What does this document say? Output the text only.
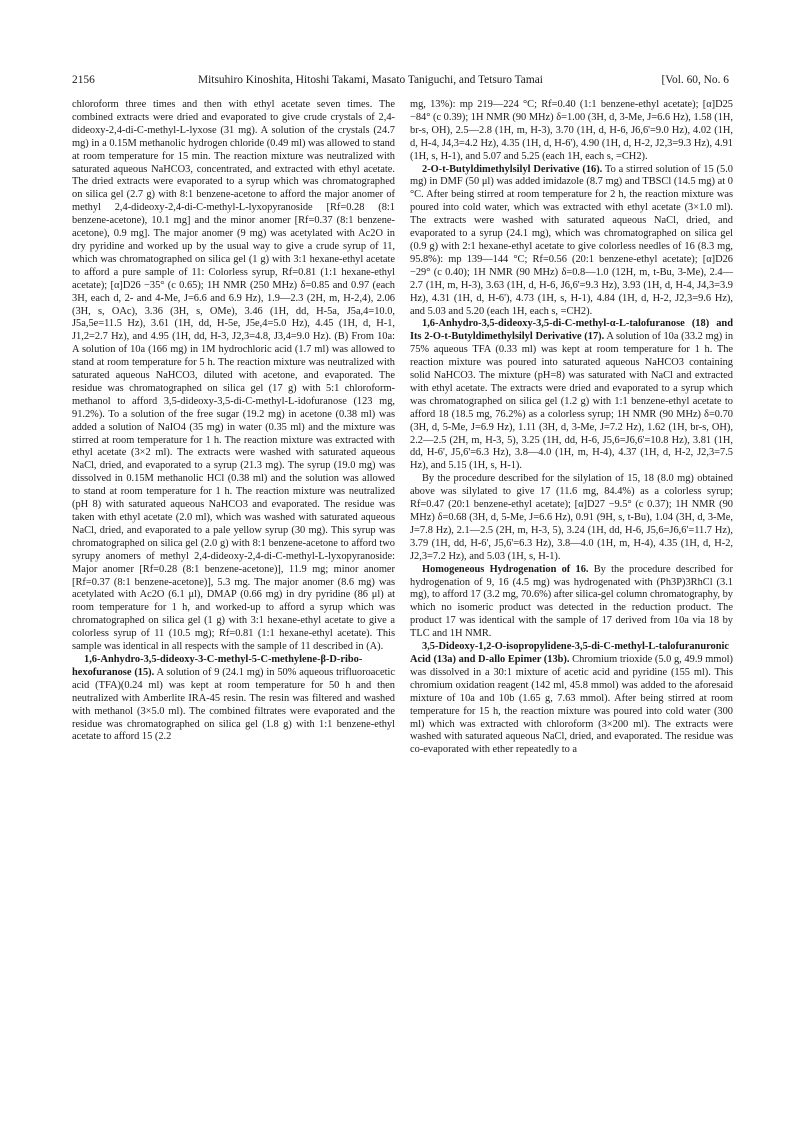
2156	Mitsuhiro Kinoshita, Hitoshi Takami, Masato Taniguchi, and Tetsuro Tamai	[Vol. 60, No. 6

chloroform three times and then with ethyl acetate seven times. The combined extracts were dried and evaporated to give crude crystals of 2,4-dideoxy-2,4-di-C-methyl-L-lyxose (31 mg). A solution of the crystals (24.7 mg) in a 0.15M methanolic hydrogen chloride (0.49 ml) was allowed to stand at room temperature for 15 min. The reaction mixture was neutralized with saturated aqueous NaHCO3, concentrated, and extracted with ethyl acetate. The dried extracts were evaporated to a syrup which was chromatographed on silica gel (2.7 g) with 8:1 benzene-acetone to afford the major anomer of methyl 2,4-dideoxy-2,4-di-C-methyl-L-lyxopyranoside [Rf=0.28 (8:1 benzene-acetone), 10.1 mg] and the minor anomer [Rf=0.37 (8:1 benzene-acetone), 0.9 mg]. The major anomer (9 mg) was acetylated with Ac2O in dry pyridine and worked up by the usual way to give a crude syrup of 11, which was chromatographed on silica gel (1 g) with 3:1 hexane-ethyl acetate to afford a pure sample of 11: Colorless syrup, Rf=0.81 (1:1 hexane-ethyl acetate); [α]D26 −35° (c 0.65); 1H NMR (250 MHz) δ=0.85 and 0.97 (each 3H, each d, 2- and 4-Me, J=6.6 and 6.9 Hz), 1.9—2.3 (2H, m, H-2,4), 2.06 (3H, s, OAc), 3.36 (3H, s, OMe), 3.46 (1H, dd, H-5a, J5a,4=10.0, J5a,5e=11.5 Hz), 3.61 (1H, dd, H-5e, J5e,4=5.0 Hz), 4.45 (1H, d, H-1, J1,2=2.7 Hz), and 4.95 (1H, dd, H-3, J2,3=4.8, J3,4=9.0 Hz). (B) From 10a: A solution of 10a (166 mg) in 1M hydrochloric acid (1.7 ml) was allowed to stand at room temperature for 5 h. The reaction mixture was neutralized with saturated aqueous NaHCO3, diluted with acetone, and evaporated. The residue was chromatographed on silica gel (17 g) with 5:1 chloroform-methanol to afford 3,5-dideoxy-3,5-di-C-methyl-L-idofuranose (123 mg, 91.2%). To a solution of the free sugar (19.2 mg) in acetone (0.38 ml) was added a solution of NaIO4 (35 mg) in water (0.35 ml) and the mixture was stirred at room temperature for 1 h. The reaction mixture was extracted with ethyl acetate (3×2 ml). The extracts were washed with saturated aqueous NaCl, dried, and evaporated to a syrup (21.3 mg). The syrup (19.0 mg) was dissolved in 0.15M methanolic HCl (0.38 ml) and the solution was allowed to stand at room temperature for 1 h. The reaction mixture was neutralized (pH 8) with saturated aqueous NaHCO3 and evaporated. The residue was taken with ethyl acetate (2.0 ml), which was washed with saturated aqueous NaCl, dried, and evaporated to a pale yellow syrup (30 mg). This syrup was chromatographed on silica gel (2.0 g) with 8:1 benzene-acetone to afford two syrupy anomers of methyl 2,4-dideoxy-2,4-di-C-methyl-L-lyxopyranoside: Major anomer [Rf=0.28 (8:1 benzene-acetone)], 11.9 mg; minor anomer [Rf=0.37 (8:1 benzene-acetone)], 5.3 mg. The major anomer (8.6 mg) was acetylated with Ac2O (6.1 μl), DMAP (0.66 mg) in dry pyridine (86 μl) at room temperature for 1 h, and worked-up to afford a syrup which was chromatographed on silica gel (1 g) with 3:1 hexane-ethyl acetate to give a colorless syrup of 11 (10.5 mg); Rf=0.81 (1:1 hexane-ethyl acetate). This sample was identical in all respects with the sample of 11 described in (A).

1,6-Anhydro-3,5-dideoxy-3-C-methyl-5-C-methylene-β-D-ribo-hexofuranose (15). A solution of 9 (24.1 mg) in 50% aqueous trifluoroacetic acid (TFA)(0.24 ml) was kept at room temperature for 50 h and then neutralized with Amberlite IRA-45 resin. The resin was filtered and washed with methanol (3×5.0 ml). The combined filtrates were evaporated and the residue was chromatographed on silica gel (1.8 g) with 1:1 benzene-ethyl acetate to afford 15 (2.2

mg, 13%): mp 219—224 °C; Rf=0.40 (1:1 benzene-ethyl acetate); [α]D25 −84° (c 0.39); 1H NMR (90 MHz) δ=1.00 (3H, d, 3-Me, J=6.6 Hz), 1.58 (1H, br-s, OH), 2.5—2.8 (1H, m, H-3), 3.70 (1H, d, H-6, J6,6'=9.0 Hz), 4.02 (1H, d, H-4, J4,3=4.2 Hz), 4.35 (1H, d, H-6'), 4.90 (1H, d, H-2, J2,3=9.3 Hz), 4.91 (1H, s, H-1), and 5.07 and 5.25 (each 1H, each s, =CH2).

2-O-t-Butyldimethylsilyl Derivative (16). To a stirred solution of 15 (5.0 mg) in DMF (50 μl) was added imidazole (8.7 mg) and TBSCl (14.5 mg) at 0 °C. After being stirred at room temperature for 2 h, the reaction mixture was poured into cold water, which was extracted with ethyl acetate (3×1.0 ml). The extracts were washed with saturated aqueous NaCl, dried, and evaporated to a syrup (24.1 mg), which was chromatographed on silica gel (0.9 g) with 2:1 hexane-ethyl acetate to give colorless needles of 16 (8.3 mg, 95.8%): mp 139—144 °C; Rf=0.56 (20:1 benzene-ethyl acetate); [α]D26 −29° (c 0.40); 1H NMR (90 MHz) δ=0.8—1.0 (12H, m, t-Bu, 3-Me), 2.4—2.7 (1H, m, H-3), 3.63 (1H, d, H-6, J6,6'=9.3 Hz), 3.93 (1H, d, H-4, J4,3=3.9 Hz), 4.31 (1H, d, H-6'), 4.73 (1H, s, H-1), 4.84 (1H, d, H-2, J2,3=9.6 Hz), and 5.03 and 5.20 (each 1H, each s, =CH2).

1,6-Anhydro-3,5-dideoxy-3,5-di-C-methyl-α-L-talofuranose (18) and Its 2-O-t-Butyldimethylsilyl Derivative (17). A solution of 10a (33.2 mg) in 75% aqueous TFA (0.33 ml) was kept at room temperature for 1 h. The reaction mixture was poured into saturated aqueous NaHCO3 containing solid NaHCO3. The mixture (pH=8) was saturated with NaCl and extracted with ethyl acetate. The extracts were dried and evaporated to a syrup which was chromatographed on silica gel (1.2 g) with 1:1 benzene-ethyl acetate to afford 18 (18.5 mg, 76.2%) as a colorless syrup; 1H NMR (90 MHz) δ=0.70 (3H, d, 5-Me, J=6.9 Hz), 1.11 (3H, d, 3-Me, J=7.2 Hz), 1.62 (1H, br-s, OH), 2.2—2.5 (2H, m, H-3, 5), 3.25 (1H, dd, H-6, J5,6=J6,6'=10.8 Hz), 3.81 (1H, dd, H-6', J5,6'=6.3 Hz), 3.8—4.0 (1H, m, H-4), 4.37 (1H, d, H-2, J2,3=7.5 Hz), and 5.15 (1H, s, H-1).

By the procedure described for the silylation of 15, 18 (8.0 mg) obtained above was silylated to give 17 (11.6 mg, 84.4%) as a colorless syrup; Rf=0.47 (20:1 benzene-ethyl acetate); [α]D27 −9.5° (c 0.37); 1H NMR (90 MHz) δ=0.68 (3H, d, 5-Me, J=6.6 Hz), 0.91 (9H, s, t-Bu), 1.04 (3H, d, 3-Me, J=7.8 Hz), 2.1—2.5 (2H, m, H-3, 5), 3.24 (1H, dd, H-6, J5,6=J6,6'=11.7 Hz), 3.79 (1H, dd, H-6', J5,6'=6.3 Hz), 3.8—4.0 (1H, m, H-4), 4.35 (1H, d, H-2, J2,3=7.2 Hz), and 5.03 (1H, s, H-1).

Homogeneous Hydrogenation of 16. By the procedure described for hydrogenation of 9, 16 (4.5 mg) was hydrogenated with (Ph3P)3RhCl (3.1 mg), to afford 17 (3.2 mg, 70.6%) after silica-gel column chromatography, by which no isomeric product was detected in the reduction product. The product 17 was identical with the sample of 17 derived from 10a via 18 by TLC and 1H NMR.

3,5-Dideoxy-1,2-O-isopropylidene-3,5-di-C-methyl-L-talofuranuronic Acid (13a) and D-allo Epimer (13b). Chromium trioxide (5.0 g, 49.9 mmol) was dissolved in a 30:1 mixture of acetic acid and pyridine (155 ml). This chromium oxidation reagent (142 ml, 45.8 mmol) was added to the aforesaid mixture of 10a and 10b (1.65 g, 7.63 mmol). After being stirred at room temperature for 15 h, the reaction mixture was poured into cold water (300 ml) which was extracted with chloroform (3×200 ml). The extracts were washed with saturated aqueous NaCl, dried, and evaporated. The residue was co-evaporated with ether repeatedly to a
